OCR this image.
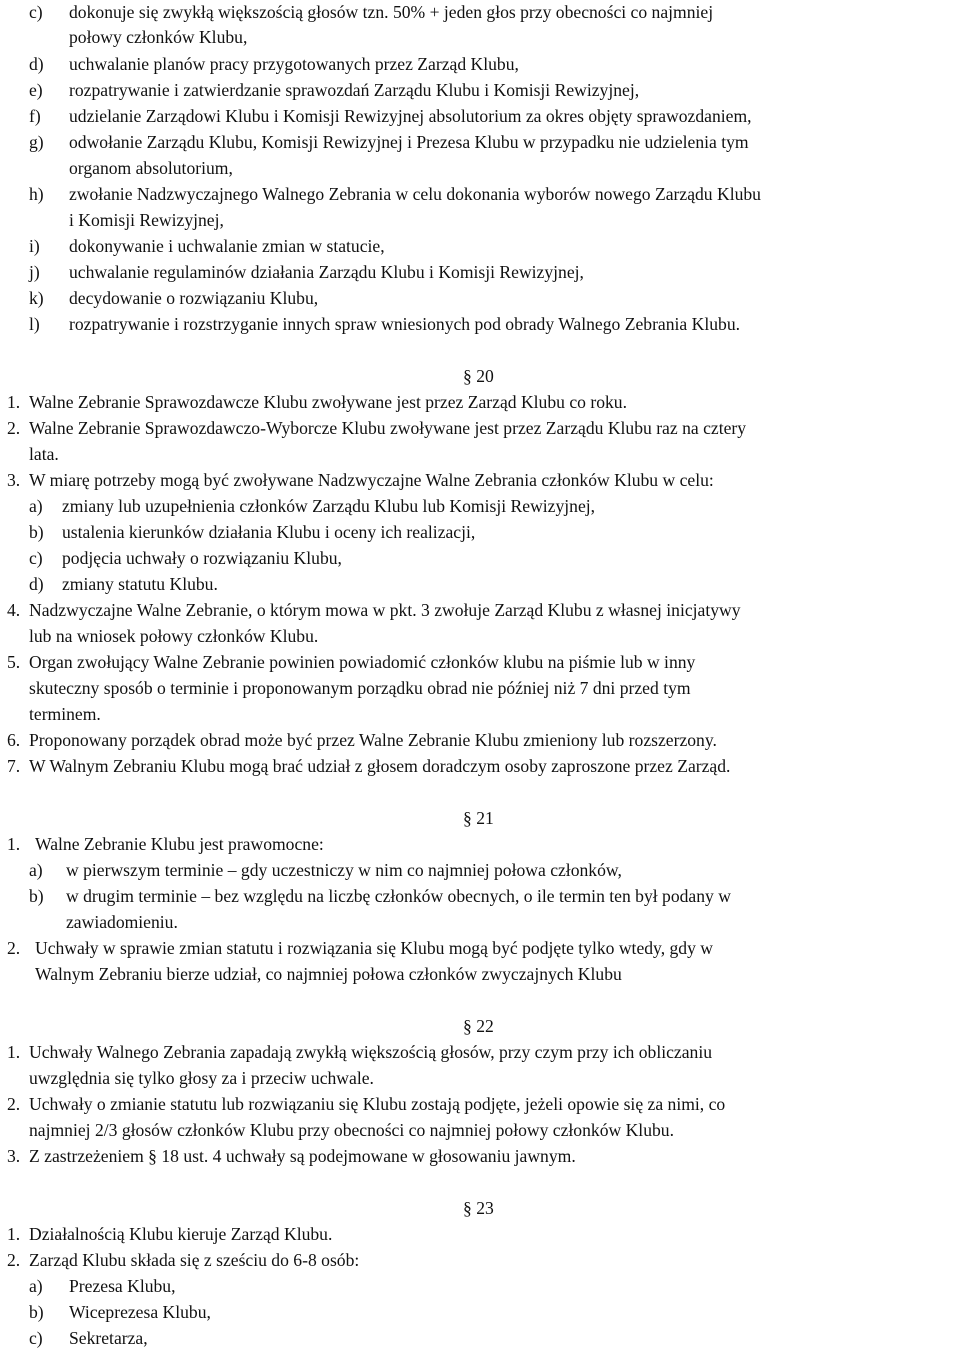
c) dokonuje się zwykłą większością głosów tzn. 50% + jeden głos przy obecności co najmniej
połowy członków Klubu,
d) uchwalanie planów pracy przygotowanych przez Zarząd Klubu,
e) rozpatrywanie i zatwierdzanie sprawozdań Zarządu Klubu i Komisji Rewizyjnej,
f) udzielanie Zarządowi Klubu i Komisji Rewizyjnej absolutorium za okres objęty sprawozdaniem,
g) odwołanie Zarządu Klubu, Komisji Rewizyjnej i Prezesa Klubu w przypadku nie udzielenia tym
organom absolutorium,
h) zwołanie Nadzwyczajnego Walnego Zebrania w celu dokonania wyborów nowego Zarządu Klubu
i Komisji Rewizyjnej,
i) dokonywanie i uchwalanie zmian w statucie,
j) uchwalanie regulaminów działania Zarządu Klubu i Komisji Rewizyjnej,
k) decydowanie o rozwiązaniu Klubu,
l) rozpatrywanie i rozstrzyganie innych spraw wniesionych pod obrady Walnego Zebrania Klubu.
§ 20
1. Walne Zebranie Sprawozdawcze Klubu zwoływane jest przez Zarząd Klubu co roku.
2. Walne Zebranie Sprawozdawczo-Wyborcze Klubu zwoływane jest przez Zarządu Klubu raz na cztery
lata.
3. W miarę potrzeby mogą być zwoływane Nadzwyczajne Walne Zebrania członków Klubu w celu:
a) zmiany lub uzupełnienia członków Zarządu Klubu lub Komisji Rewizyjnej,
b) ustalenia kierunków działania Klubu i oceny ich realizacji,
c) podjęcia uchwały o rozwiązaniu Klubu,
d) zmiany statutu Klubu.
4. Nadzwyczajne Walne Zebranie, o którym mowa w pkt. 3 zwołuje Zarząd Klubu z własnej inicjatywy
lub na wniosek połowy członków Klubu.
5. Organ zwołujący Walne Zebranie powinien powiadomić członków klubu na piśmie lub w inny
skuteczny sposób o terminie i proponowanym porządku obrad nie później niż 7 dni przed tym
terminem.
6. Proponowany porządek obrad może być przez Walne Zebranie Klubu zmieniony lub rozszerzony.
7. W Walnym Zebraniu Klubu mogą brać udział z głosem doradczym osoby zaproszone przez Zarząd.
§ 21
1. Walne Zebranie Klubu jest prawomocne:
a) w pierwszym terminie – gdy uczestniczy w nim co najmniej połowa członków,
b) w drugim terminie – bez względu na liczbę członków obecnych, o ile termin ten był podany w
zawiadomieniu.
2. Uchwały w sprawie zmian statutu i rozwiązania się Klubu mogą być podjęte tylko wtedy, gdy w
Walnym Zebraniu bierze udział, co najmniej połowa członków zwyczajnych Klubu
§ 22
1. Uchwały Walnego Zebrania zapadają zwykłą większością głosów, przy czym przy ich obliczaniu
uwzględnia się tylko głosy za i przeciw uchwale.
2. Uchwały o zmianie statutu lub rozwiązaniu się Klubu zostają podjęte, jeżeli opowie się za nimi, co
najmniej 2/3 głosów członków Klubu przy obecności co najmniej połowy członków Klubu.
3. Z zastrzeżeniem § 18 ust. 4 uchwały są podejmowane w głosowaniu jawnym.
§ 23
1. Działalnością Klubu kieruje Zarząd Klubu.
2. Zarząd Klubu składa się z sześciu do 6-8 osób:
a) Prezesa Klubu,
b) Wiceprezesa Klubu,
c) Sekretarza,
